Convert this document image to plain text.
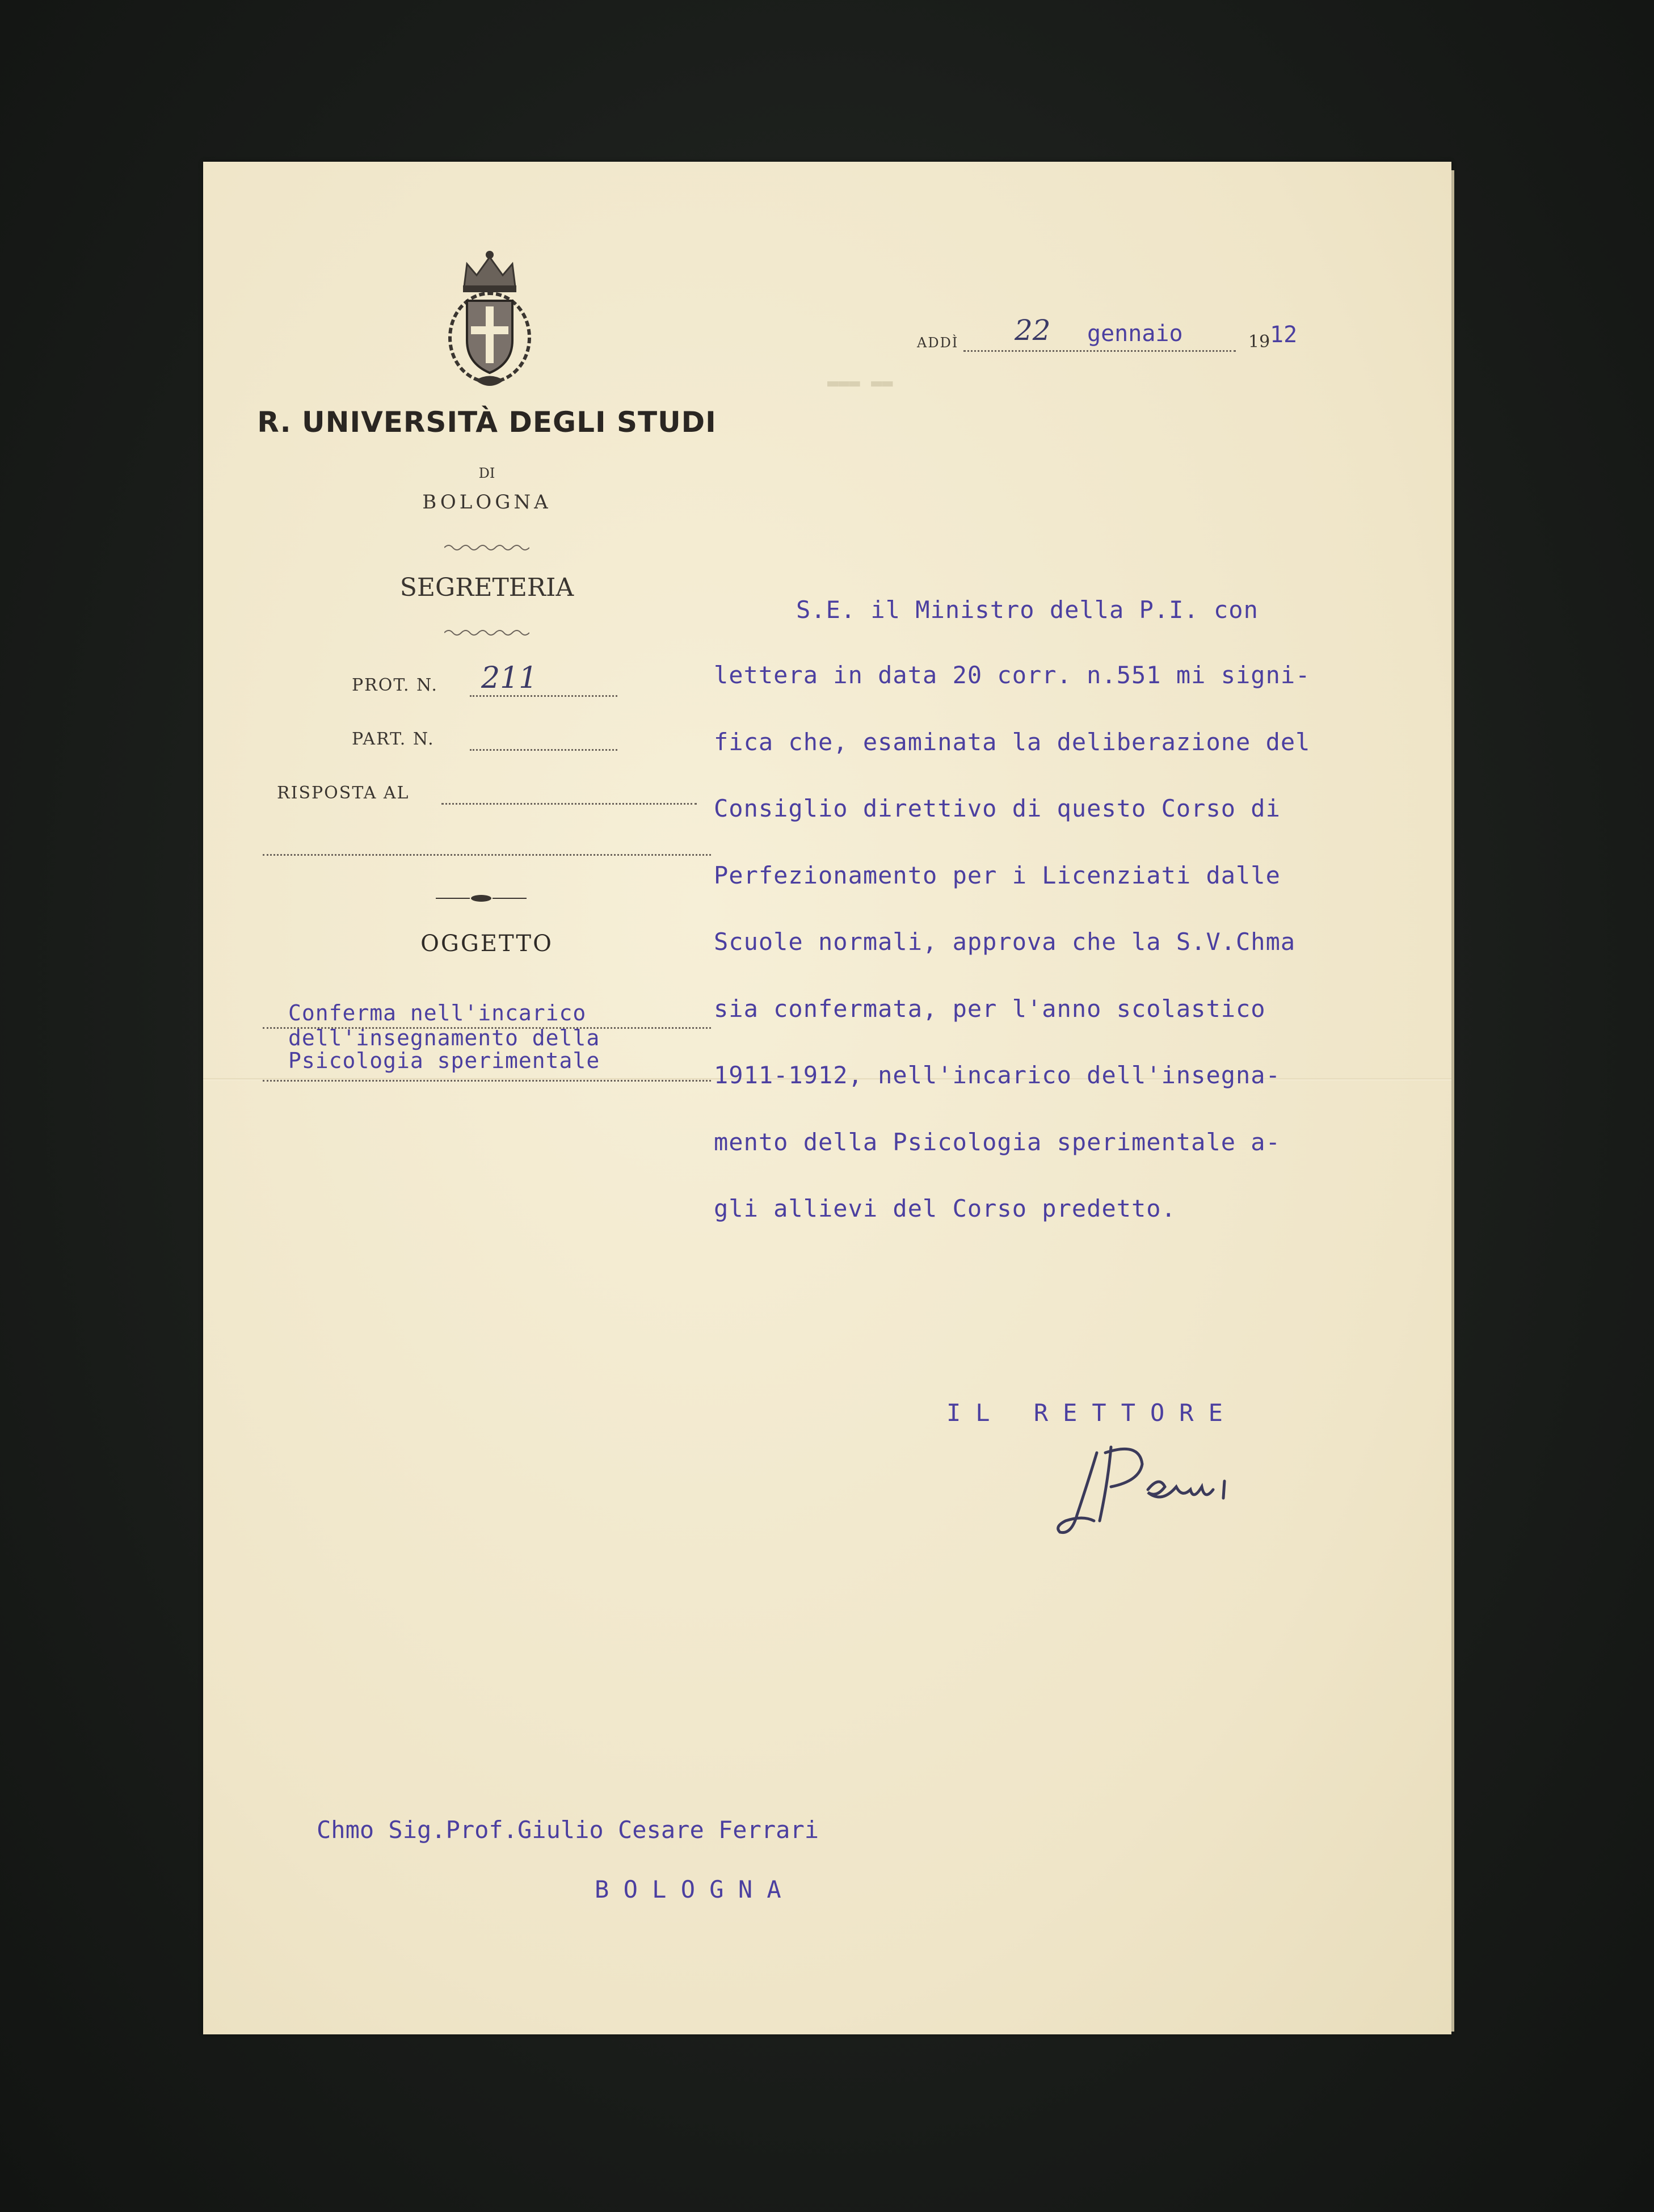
R. UNIVERSITÀ DEGLI STUDI
DI
BOLOGNA
SEGRETERIA
PROT. N. 211
PART. N.
RISPOSTA AL
OGGETTO
Conferma nell'incarico
dell'insegnamento della
Psicologia sperimentale
ADDÌ 22 gennaio	19 12
▬▬▬ ▬▬
S.E. il Ministro della P.I. con
lettera in data 20 corr. n.551 mi signi-
fica che, esaminata la deliberazione del
Consiglio direttivo di questo Corso di
Perfezionamento per i Licenziati dalle
Scuole normali, approva che la S.V.Chma
sia confermata, per l'anno scolastico
1911-1912, nell'incarico dell'insegna-
mento della Psicologia sperimentale a-
gli allievi del Corso predetto.
IL RETTORE
Chmo Sig.Prof.Giulio Cesare Ferrari
B O L O G N A
